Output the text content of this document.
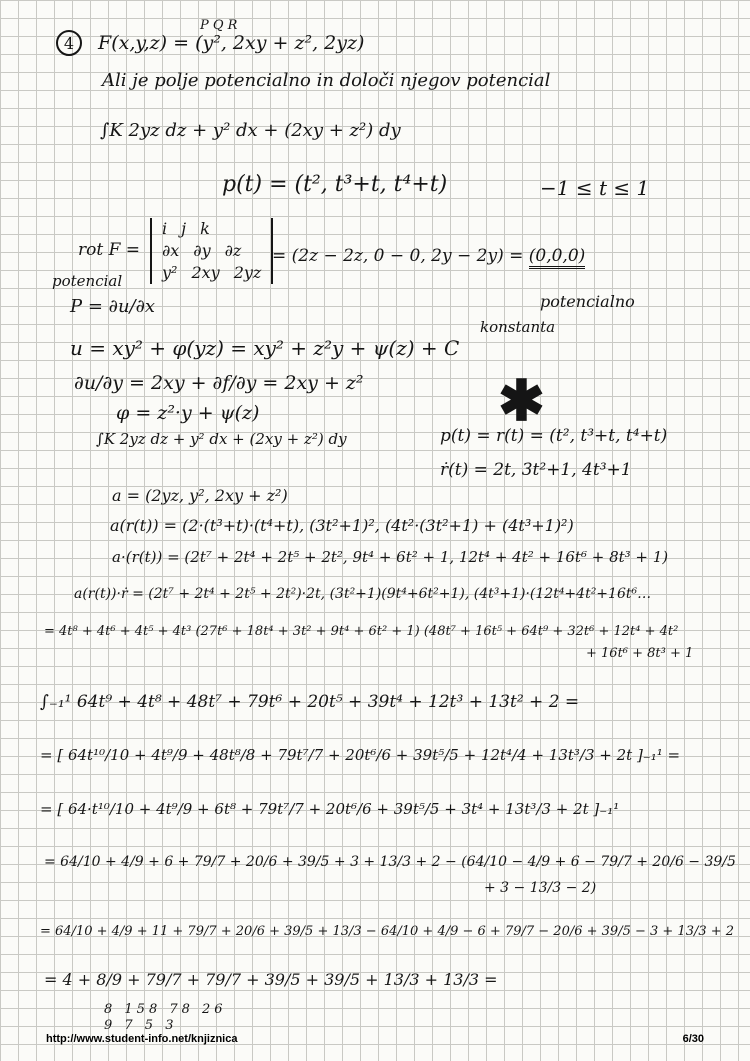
P Q R
4 F(x,y,z) = (y², 2xy + z², 2yz)
Ali je polje potencialno in določi njegov potencial
∫K 2yz dz + y² dx + (2xy + z²) dy
p(t) = (t², t³+t, t⁴+t)	−1 ≤ t ≤ 1
rot F =
i j k
∂x ∂y ∂z
y² 2xy 2yz
= (2z − 2z, 0 − 0, 2y − 2y) = (0,0,0)
potencial
potencialno
P = ∂u/∂x
konstanta
u = xy² + φ(yz) = xy² + z²y + ψ(z) + C
∂u/∂y = 2xy + ∂f/∂y = 2xy + z² ✱
φ = z²·y + ψ(z)
∫K 2yz dz + y² dx + (2xy + z²) dy	p(t) = r(t) = (t², t³+t, t⁴+t)
ṙ(t) = 2t, 3t²+1, 4t³+1
a = (2yz, y², 2xy + z²)
a(r(t)) = (2·(t³+t)·(t⁴+t), (3t²+1)², (4t²·(3t²+1) + (4t³+1)²)
a·(r(t)) = (2t⁷ + 2t⁴ + 2t⁵ + 2t², 9t⁴ + 6t² + 1, 12t⁴ + 4t² + 16t⁶ + 8t³ + 1)
a(r(t))·ṙ = (2t⁷ + 2t⁴ + 2t⁵ + 2t²)·2t, (3t²+1)(9t⁴+6t²+1), (4t³+1)·(12t⁴+4t²+16t⁶…
= 4t⁸ + 4t⁶ + 4t⁵ + 4t³ (27t⁶ + 18t⁴ + 3t² + 9t⁴ + 6t² + 1) (48t⁷ + 16t⁵ + 64t⁹ + 32t⁶ + 12t⁴ + 4t²
+ 16t⁶ + 8t³ + 1
∫₋₁¹ 64t⁹ + 4t⁸ + 48t⁷ + 79t⁶ + 20t⁵ + 39t⁴ + 12t³ + 13t² + 2 =
= [ 64t¹⁰/10 + 4t⁹/9 + 48t⁸/8 + 79t⁷/7 + 20t⁶/6 + 39t⁵/5 + 12t⁴/4 + 13t³/3 + 2t ]₋₁¹ =
= [ 64·t¹⁰/10 + 4t⁹/9 + 6t⁸ + 79t⁷/7 + 20t⁶/6 + 39t⁵/5 + 3t⁴ + 13t³/3 + 2t ]₋₁¹
= 64/10 + 4/9 + 6 + 79/7 + 20/6 + 39/5 + 3 + 13/3 + 2 − (64/10 − 4/9 + 6 − 79/7 + 20/6 − 39/5
+ 3 − 13/3 − 2)
= 64/10 + 4/9 + 11 + 79/7 + 20/6 + 39/5 + 13/3 − 64/10 + 4/9 − 6 + 79/7 − 20/6 + 39/5 − 3 + 13/3 + 2
= 4 + 8/9 + 79/7 + 79/7 + 39/5 + 39/5 + 13/3 + 13/3 =
8 158 78 26
9 7 5 3
http://www.student-info.net/knjiznica	6/30
